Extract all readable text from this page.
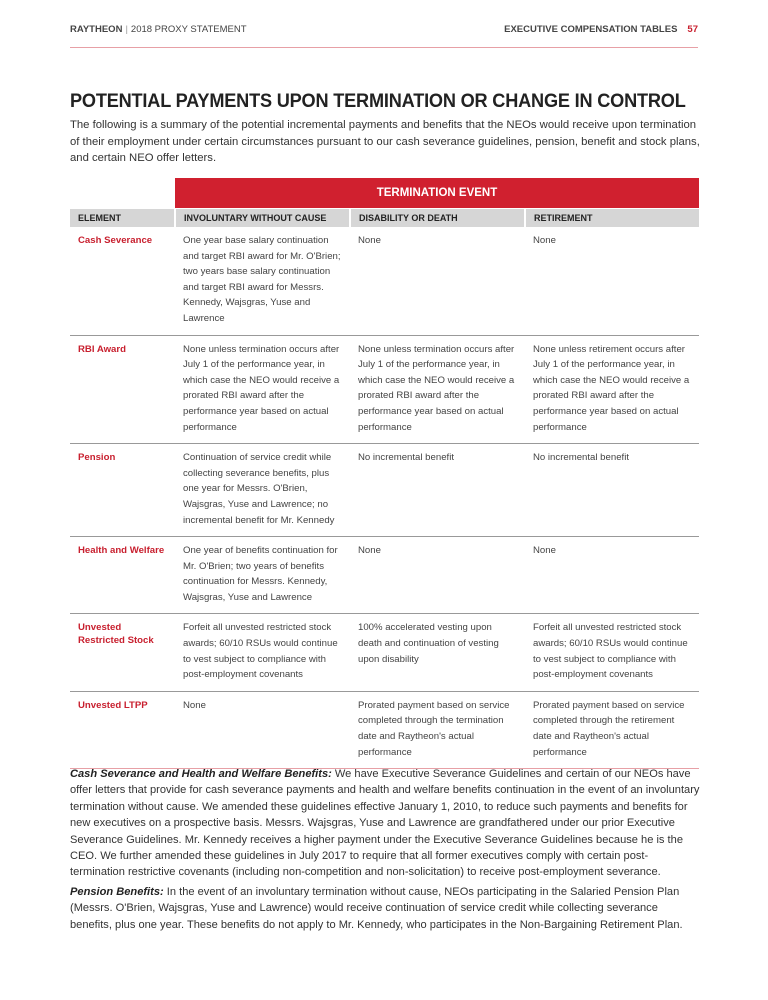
RAYTHEON | 2018 PROXY STATEMENT	EXECUTIVE COMPENSATION TABLES 57
POTENTIAL PAYMENTS UPON TERMINATION OR CHANGE IN CONTROL

The following is a summary of the potential incremental payments and benefits that the NEOs would receive upon termination of their employment under certain circumstances pursuant to our cash severance guidelines, pension, benefit and stock plans, and certain NEO offer letters.

TERMINATION EVENT
ELEMENT	INVOLUNTARY WITHOUT CAUSE	DISABILITY OR DEATH	RETIREMENT
Cash Severance	One year base salary continuation and target RBI award for Mr. O'Brien; two years base salary continuation and target RBI award for Messrs. Kennedy, Wajsgras, Yuse and Lawrence	None	None
RBI Award	None unless termination occurs after July 1 of the performance year, in which case the NEO would receive a prorated RBI award after the performance year based on actual performance	None unless termination occurs after July 1 of the performance year, in which case the NEO would receive a prorated RBI award after the performance year based on actual performance	None unless retirement occurs after July 1 of the performance year, in which case the NEO would receive a prorated RBI award after the performance year based on actual performance
Pension	Continuation of service credit while collecting severance benefits, plus one year for Messrs. O'Brien, Wajsgras, Yuse and Lawrence; no incremental benefit for Mr. Kennedy	No incremental benefit	No incremental benefit
Health and Welfare	One year of benefits continuation for Mr. O'Brien; two years of benefits continuation for Messrs. Kennedy, Wajsgras, Yuse and Lawrence	None	None
Unvested Restricted Stock	Forfeit all unvested restricted stock awards; 60/10 RSUs would continue to vest subject to compliance with post-employment covenants	100% accelerated vesting upon death and continuation of vesting upon disability	Forfeit all unvested restricted stock awards; 60/10 RSUs would continue to vest subject to compliance with post-employment covenants
Unvested LTPP	None	Prorated payment based on service completed through the termination date and Raytheon's actual performance	Prorated payment based on service completed through the retirement date and Raytheon's actual performance

Cash Severance and Health and Welfare Benefits: We have Executive Severance Guidelines and certain of our NEOs have offer letters that provide for cash severance payments and health and welfare benefits continuation in the event of an involuntary termination without cause. We amended these guidelines effective January 1, 2010, to reduce such payments and benefits for new executives on a prospective basis. Messrs. Wajsgras, Yuse and Lawrence are grandfathered under our prior Executive Severance Guidelines. Mr. Kennedy receives a higher payment under the Executive Severance Guidelines because he is the CEO. We further amended these guidelines in July 2017 to require that all former executives comply with certain post-termination restrictive covenants (including non-competition and non-solicitation) to receive post-employment severance.

Pension Benefits: In the event of an involuntary termination without cause, NEOs participating in the Salaried Pension Plan (Messrs. O'Brien, Wajsgras, Yuse and Lawrence) would receive continuation of service credit while collecting severance benefits, plus one year. These benefits do not apply to Mr. Kennedy, who participates in the Non-Bargaining Retirement Plan.
